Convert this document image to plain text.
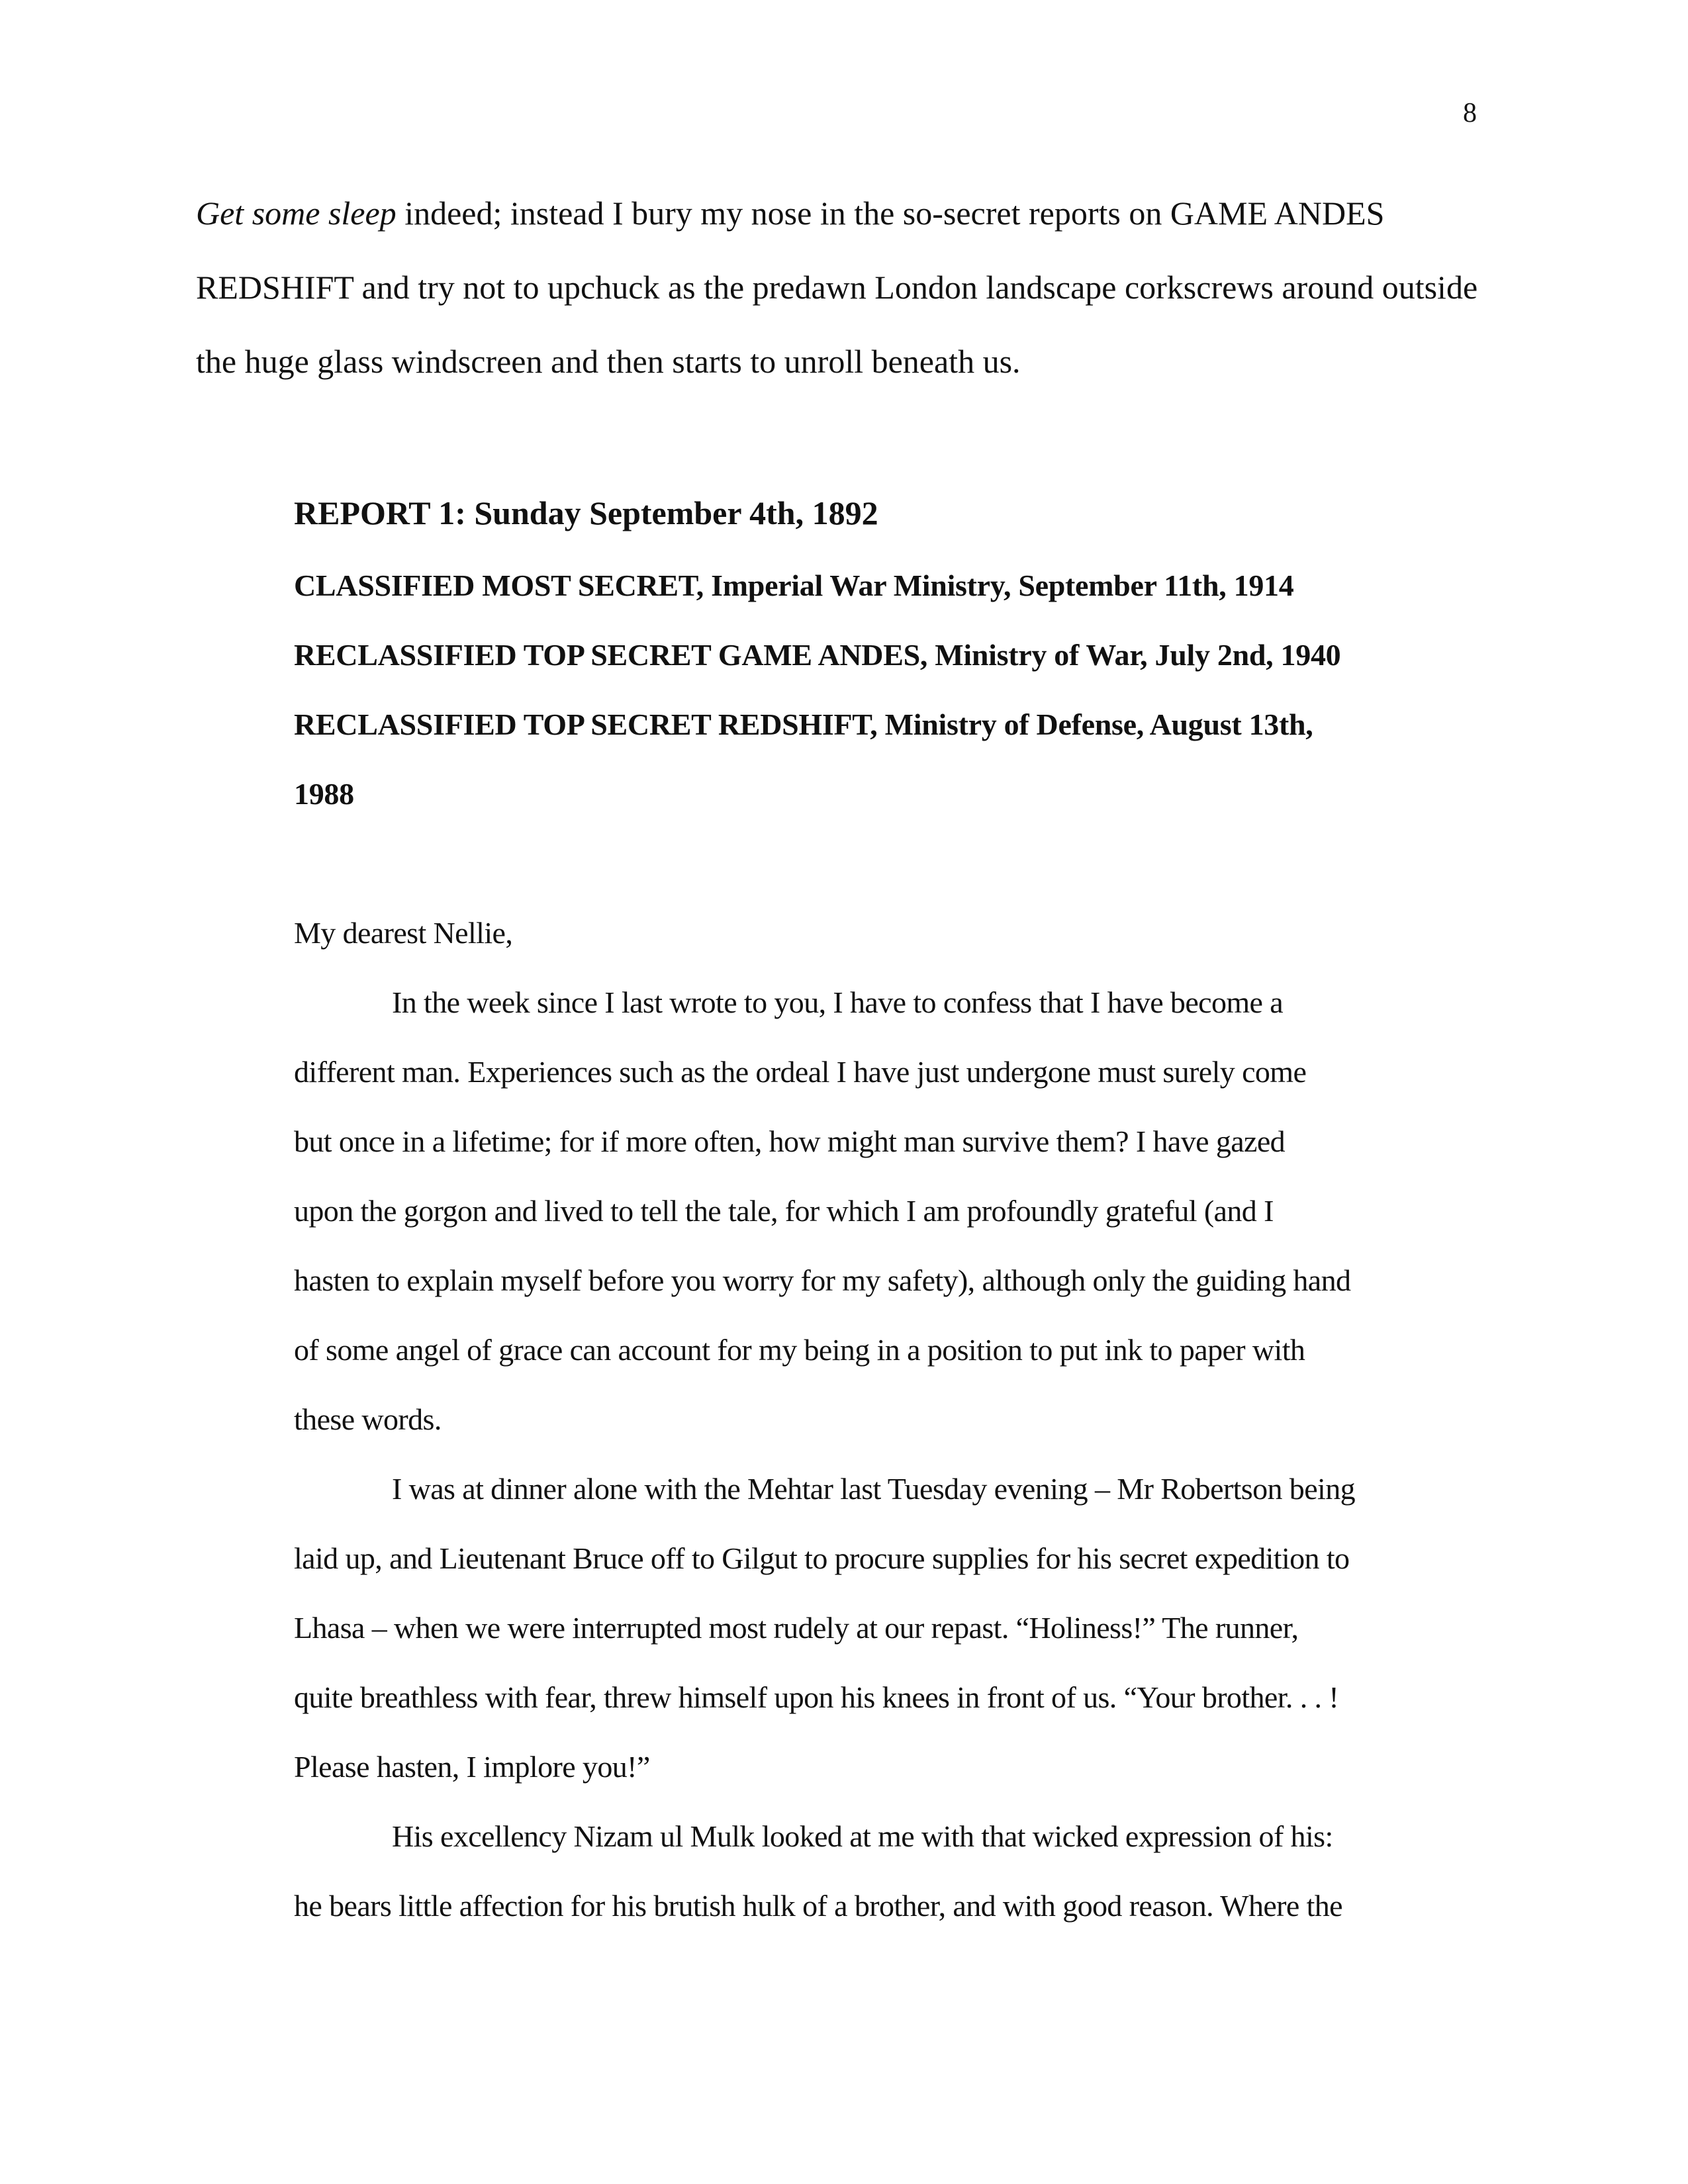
8
Get some sleep indeed; instead I bury my nose in the so-secret reports on GAME ANDES
REDSHIFT and try not to upchuck as the predawn London landscape corkscrews around outside
the huge glass windscreen and then starts to unroll beneath us.
REPORT 1: Sunday September 4th, 1892
CLASSIFIED MOST SECRET, Imperial War Ministry, September 11th, 1914
RECLASSIFIED TOP SECRET GAME ANDES, Ministry of War, July 2nd, 1940
RECLASSIFIED TOP SECRET REDSHIFT, Ministry of Defense, August 13th,
1988
My dearest Nellie,
In the week since I last wrote to you, I have to confess that I have become a
different man. Experiences such as the ordeal I have just undergone must surely come
but once in a lifetime; for if more often, how might man survive them? I have gazed
upon the gorgon and lived to tell the tale, for which I am profoundly grateful (and I
hasten to explain myself before you worry for my safety), although only the guiding hand
of some angel of grace can account for my being in a position to put ink to paper with
these words.
I was at dinner alone with the Mehtar last Tuesday evening – Mr Robertson being
laid up, and Lieutenant Bruce off to Gilgut to procure supplies for his secret expedition to
Lhasa – when we were interrupted most rudely at our repast. “Holiness!” The runner,
quite breathless with fear, threw himself upon his knees in front of us. “Your brother. . . !
Please hasten, I implore you!”
His excellency Nizam ul Mulk looked at me with that wicked expression of his:
he bears little affection for his brutish hulk of a brother, and with good reason. Where the
